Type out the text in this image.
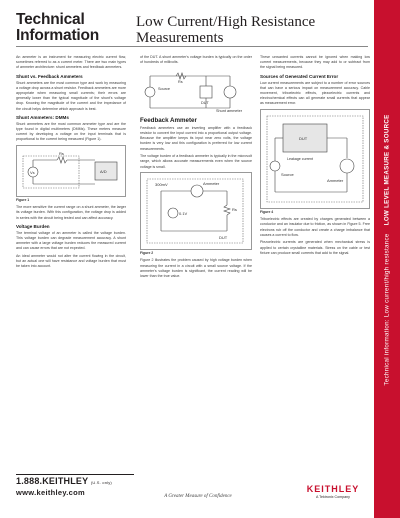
Technical Information
Low Current/High Resistance Measurements

An ammeter is an instrument for measuring electric current flow, sometimes referred to as a current meter. There are two main types of ammeter architecture: shunt ammeters and feedback ammeters.

Shunt vs. Feedback Ammeters

Shunt ammeters are the most common type and work by measuring a voltage drop across a shunt resistor. Feedback ammeters are more appropriate when measuring small currents; their errors are generally lower than the typical magnitude of the shunt's voltage drop. Knowing the magnitude of the current and the impedance of the circuit helps determine which approach is best.

Shunt Ammeters: DMMs

Shunt ammeters are the most common ammeter type and are the type found in digital multimeters (DMMs). These meters measure current by developing a voltage on the input terminals that is proportional to the current being measured (Figure 1).

Vs
Rs
A/D
Figure 1

The more sensitive the current range on a shunt ammeter, the larger its voltage burden. With this configuration, the voltage drop is added in series with the circuit being tested and can affect accuracy.

Voltage Burden

The terminal voltage of an ammeter is called the voltage burden. This voltage burden can degrade measurement accuracy. A shunt ammeter with a large voltage burden reduces the measured current and can cause errors that are not expected.

An ideal ammeter would not alter the current flowing in the circuit, but an actual one will have resistance and voltage burden that must be taken into account.

of the DUT. A shunt ammeter's voltage burden is typically on the order of hundreds of millivolts.

Source
Rs
DUT
Shunt ammeter
Feedback Ammeter

Feedback ammeters use an inverting amplifier with a feedback resistor to convert the input current into a proportional output voltage. Because the amplifier keeps its input near zero volts, the voltage burden is very low and this configuration is preferred for low current measurements.

The voltage burden of a feedback ammeter is typically in the microvolt range, which allows accurate measurements even when the source voltage is small.

300mV	Ammeter
0.1V
Rs
DUT
Figure 2

Figure 2 illustrates the problem caused by high voltage burden when measuring the current in a circuit with a small source voltage. If the ammeter's voltage burden is significant, the current reading will be lower than the true value.

These unwanted currents cannot be ignored when making low current measurements, because they may add to or subtract from the signal being measured.

Sources of Generated Current Error

Low current measurements are subject to a number of error sources that can have a serious impact on measurement accuracy. Cable movement, triboelectric effects, piezoelectric currents and electrochemical effects can all generate small currents that appear as measurement error.

Source
DUT
Ammeter
Leakage current
Figure 4

Triboelectric effects are created by charges generated between a conductor and an insulator due to friction, as shown in Figure 5. Free electrons rub off the conductor and create a charge imbalance that causes a current to flow.

Piezoelectric currents are generated when mechanical stress is applied to certain crystalline materials. Stress on the cable or test fixture can produce small currents that add to the signal.

1.888.KEITHLEY (U.S. only)
www.keithley.com	A Greater Measure of Confidence
KEITHLEY
A Tektronix Company
Technical information: Low current/high resistance    LOW LEVEL MEASURE & SOURCE
